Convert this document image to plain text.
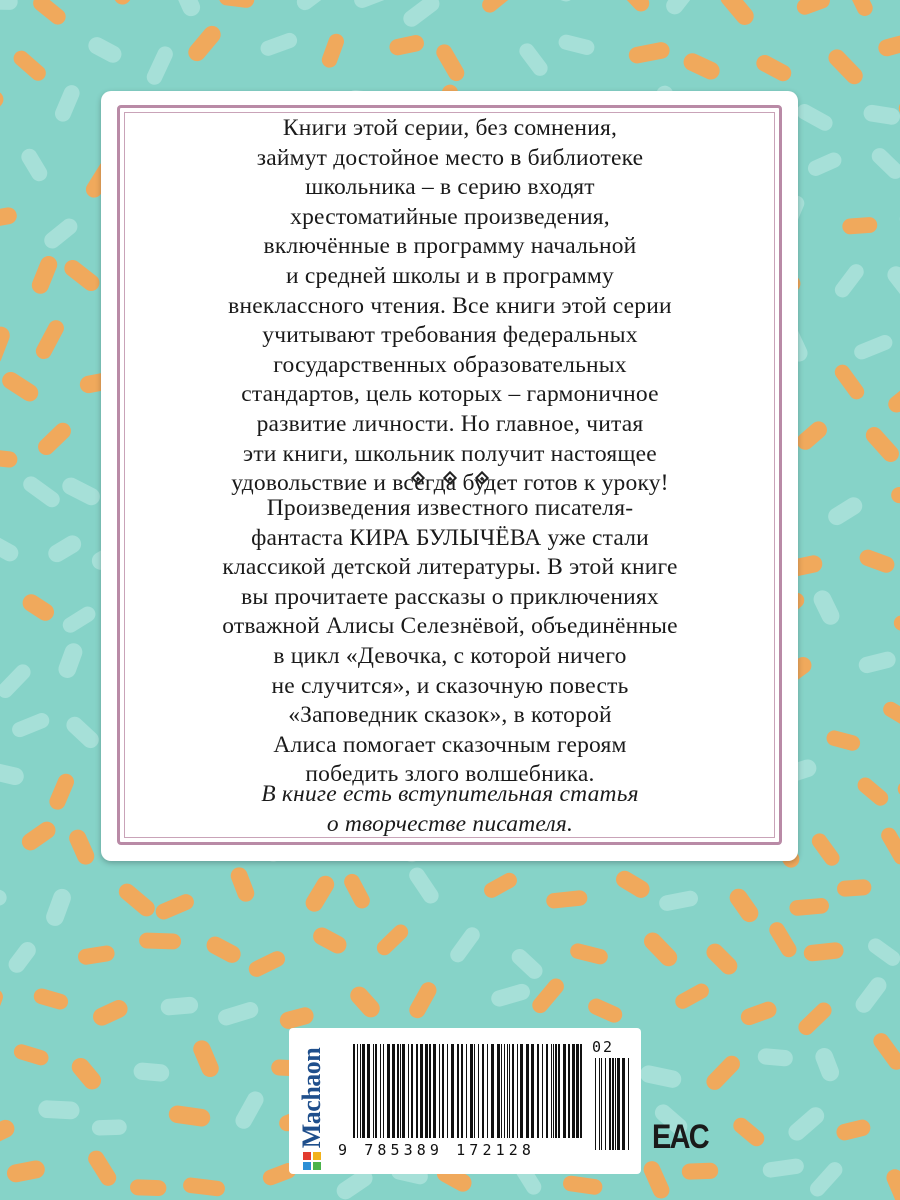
Книги этой серии, без сомнения,
займут достойное место в библиотеке
школьника – в серию входят
хрестоматийные произведения,
включённые в программу начальной
и средней школы и в программу
внеклассного чтения. Все книги этой серии
учитывают требования федеральных
государственных образовательных
стандартов, цель которых – гармоничное
развитие личности. Но главное, читая
эти книги, школьник получит настоящее
удовольствие и всегда будет готов к уроку!

Произведения известного писателя-
фантаста КИРА БУЛЫЧЁВА уже стали
классикой детской литературы. В этой книге
вы прочитаете рассказы о приключениях
отважной Алисы Селезнёвой, объединённые
в цикл «Девочка, с которой ничего
не случится», и сказочную повесть
«Заповедник сказок», в которой
Алиса помогает сказочным героям
победить злого волшебника.
В книге есть вступительная статья
о творчестве писателя.
Machaon
02
9 785389 172128	EAC
